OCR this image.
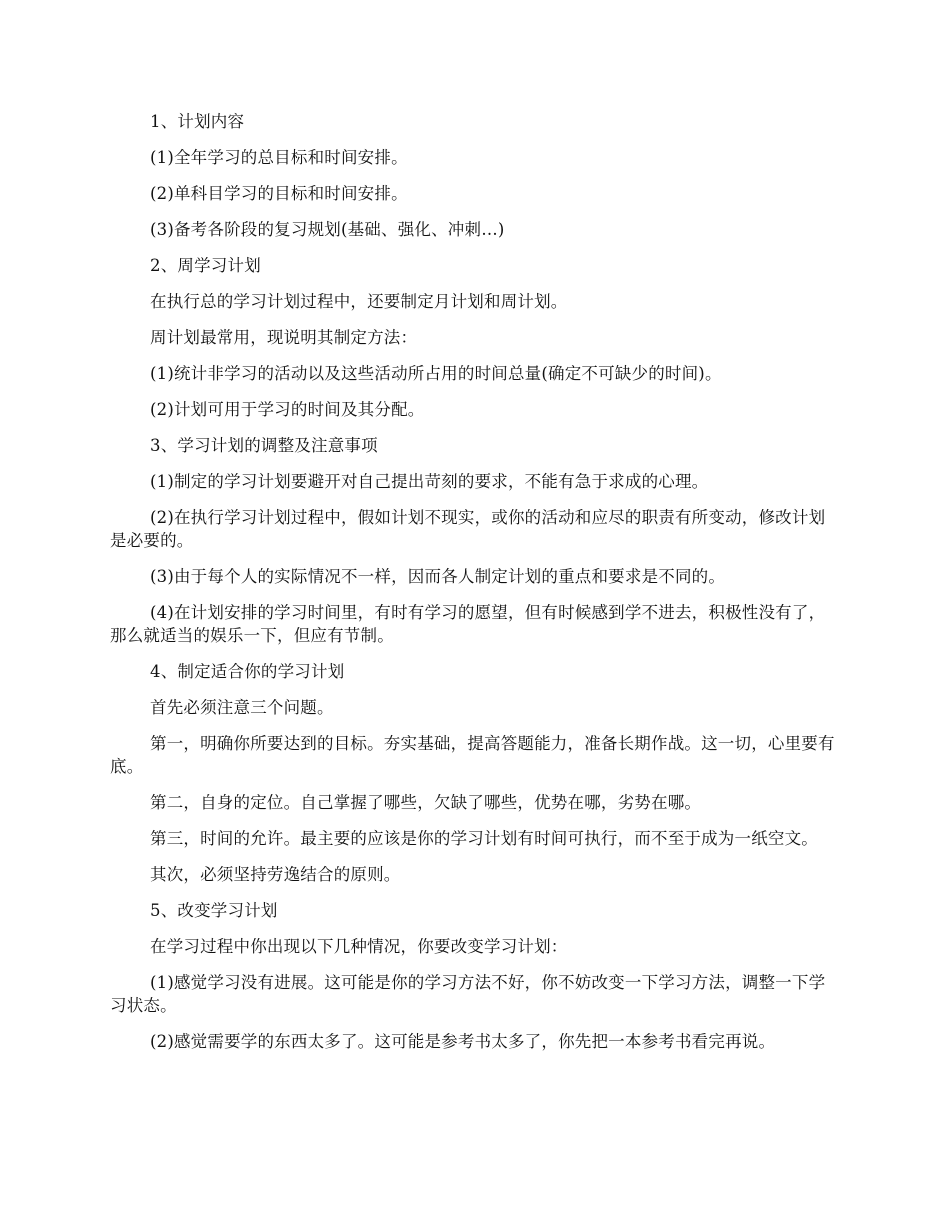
1、计划内容

(1)全年学习的总目标和时间安排。

(2)单科目学习的目标和时间安排。

(3)备考各阶段的复习规划(基础、强化、冲刺…)

2、周学习计划

在执行总的学习计划过程中，还要制定月计划和周计划。

周计划最常用，现说明其制定方法：

(1)统计非学习的活动以及这些活动所占用的时间总量(确定不可缺少的时间)。

(2)计划可用于学习的时间及其分配。

3、学习计划的调整及注意事项

(1)制定的学习计划要避开对自己提出苛刻的要求，不能有急于求成的心理。

(2)在执行学习计划过程中，假如计划不现实，或你的活动和应尽的职责有所变动，修改计划是必要的。

(3)由于每个人的实际情况不一样，因而各人制定计划的重点和要求是不同的。

(4)在计划安排的学习时间里，有时有学习的愿望，但有时候感到学不进去，积极性没有了，那么就适当的娱乐一下，但应有节制。

4、制定适合你的学习计划

首先必须注意三个问题。

第一，明确你所要达到的目标。夯实基础，提高答题能力，准备长期作战。这一切，心里要有底。

第二，自身的定位。自己掌握了哪些，欠缺了哪些，优势在哪，劣势在哪。

第三，时间的允许。最主要的应该是你的学习计划有时间可执行，而不至于成为一纸空文。

其次，必须坚持劳逸结合的原则。

5、改变学习计划

在学习过程中你出现以下几种情况，你要改变学习计划：

(1)感觉学习没有进展。这可能是你的学习方法不好，你不妨改变一下学习方法，调整一下学习状态。

(2)感觉需要学的东西太多了。这可能是参考书太多了，你先把一本参考书看完再说。
